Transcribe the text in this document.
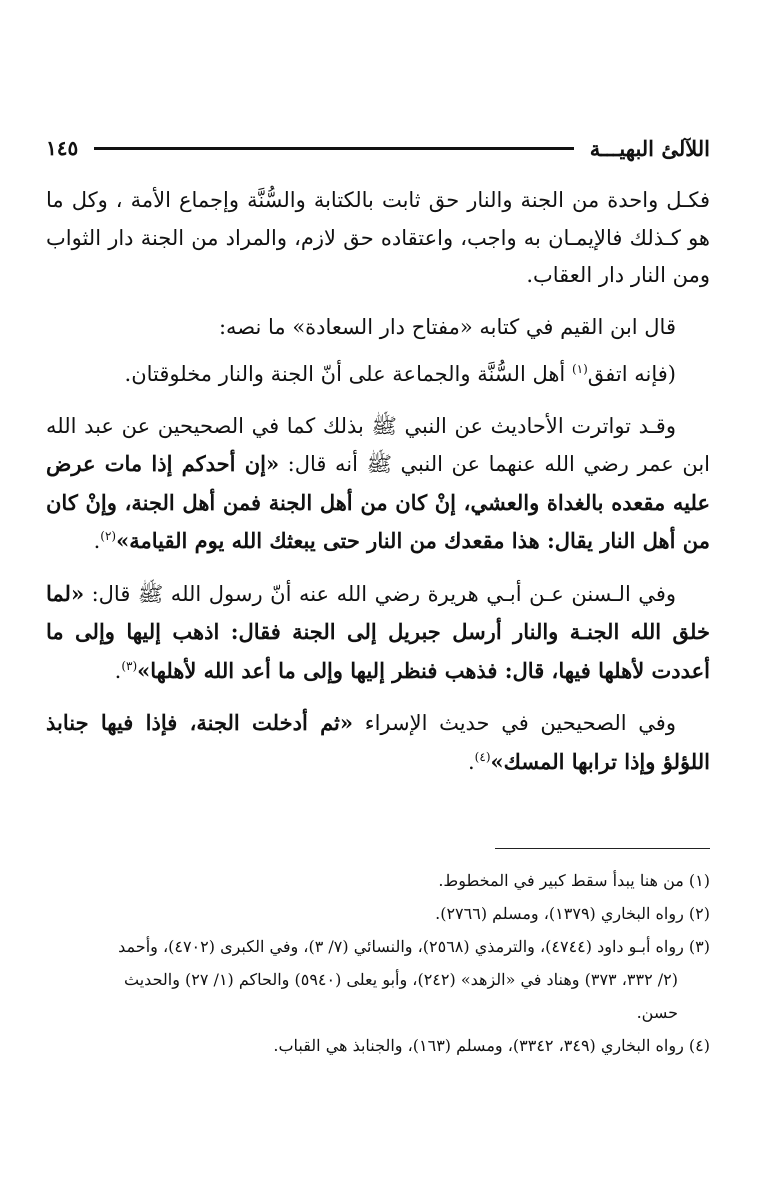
اللآلئ البهيـــة
١٤٥

فكـل واحدة من الجنة والنار حق ثابت بالكتابة والسُّنَّة وإجماع الأمة ، وكل ما هو كـذلك فالإيمـان به واجب، واعتقاده حق لازم، والمراد من الجنة دار الثواب ومن النار دار العقاب.

قال ابن القيم في كتابه «مفتاح دار السعادة» ما نصه:

(فإنه اتفق$^{(١)}$ أهل السُّنَّة والجماعة على أنّ الجنة والنار مخلوقتان.

وقـد تواترت الأحاديث عن النبي ﷺ بذلك كما في الصحيحين عن عبد الله ابن عمر رضي الله عنهما عن النبي ﷺ أنه قال: «إن أحدكم إذا مات عرض عليه مقعده بالغداة والعشي، إنْ كان من أهل الجنة فمن أهل الجنة، وإنْ كان من أهل النار يقال: هذا مقعدك من النار حتى يبعثك الله يوم القيامة»$^{(٢)}$.

وفي الـسنن عـن أبـي هريرة رضي الله عنه أنّ رسول الله ﷺ قال: «لما خلق الله الجنـة والنار أرسل جبريل إلى الجنة فقال: اذهب إليها وإلى ما أعددت لأهلها فيها، قال: فذهب فنظر إليها وإلى ما أعد الله لأهلها»$^{(٣)}$.

وفي الصحيحين في حديث الإسراء «ثم أدخلت الجنة، فإذا فيها جنابذ اللؤلؤ وإذا ترابها المسك»$^{(٤)}$.

(١) من هنا يبدأ سقط كبير في المخطوط.

(٢) رواه البخاري (١٣٧٩)، ومسلم (٢٧٦٦).

(٣) رواه أبـو داود (٤٧٤٤)، والترمذي (٢٥٦٨)، والنسائي (٧/ ٣)، وفي الكبرى (٤٧٠٢)، وأحمد

(٢/ ٣٣٢، ٣٧٣) وهناد في «الزهد» (٢٤٢)، وأبو يعلى (٥٩٤٠) والحاكم (١/ ٢٧) والحديث

حسن.

(٤) رواه البخاري (٣٤٩، ٣٣٤٢)، ومسلم (١٦٣)، والجنابذ هي القباب.
